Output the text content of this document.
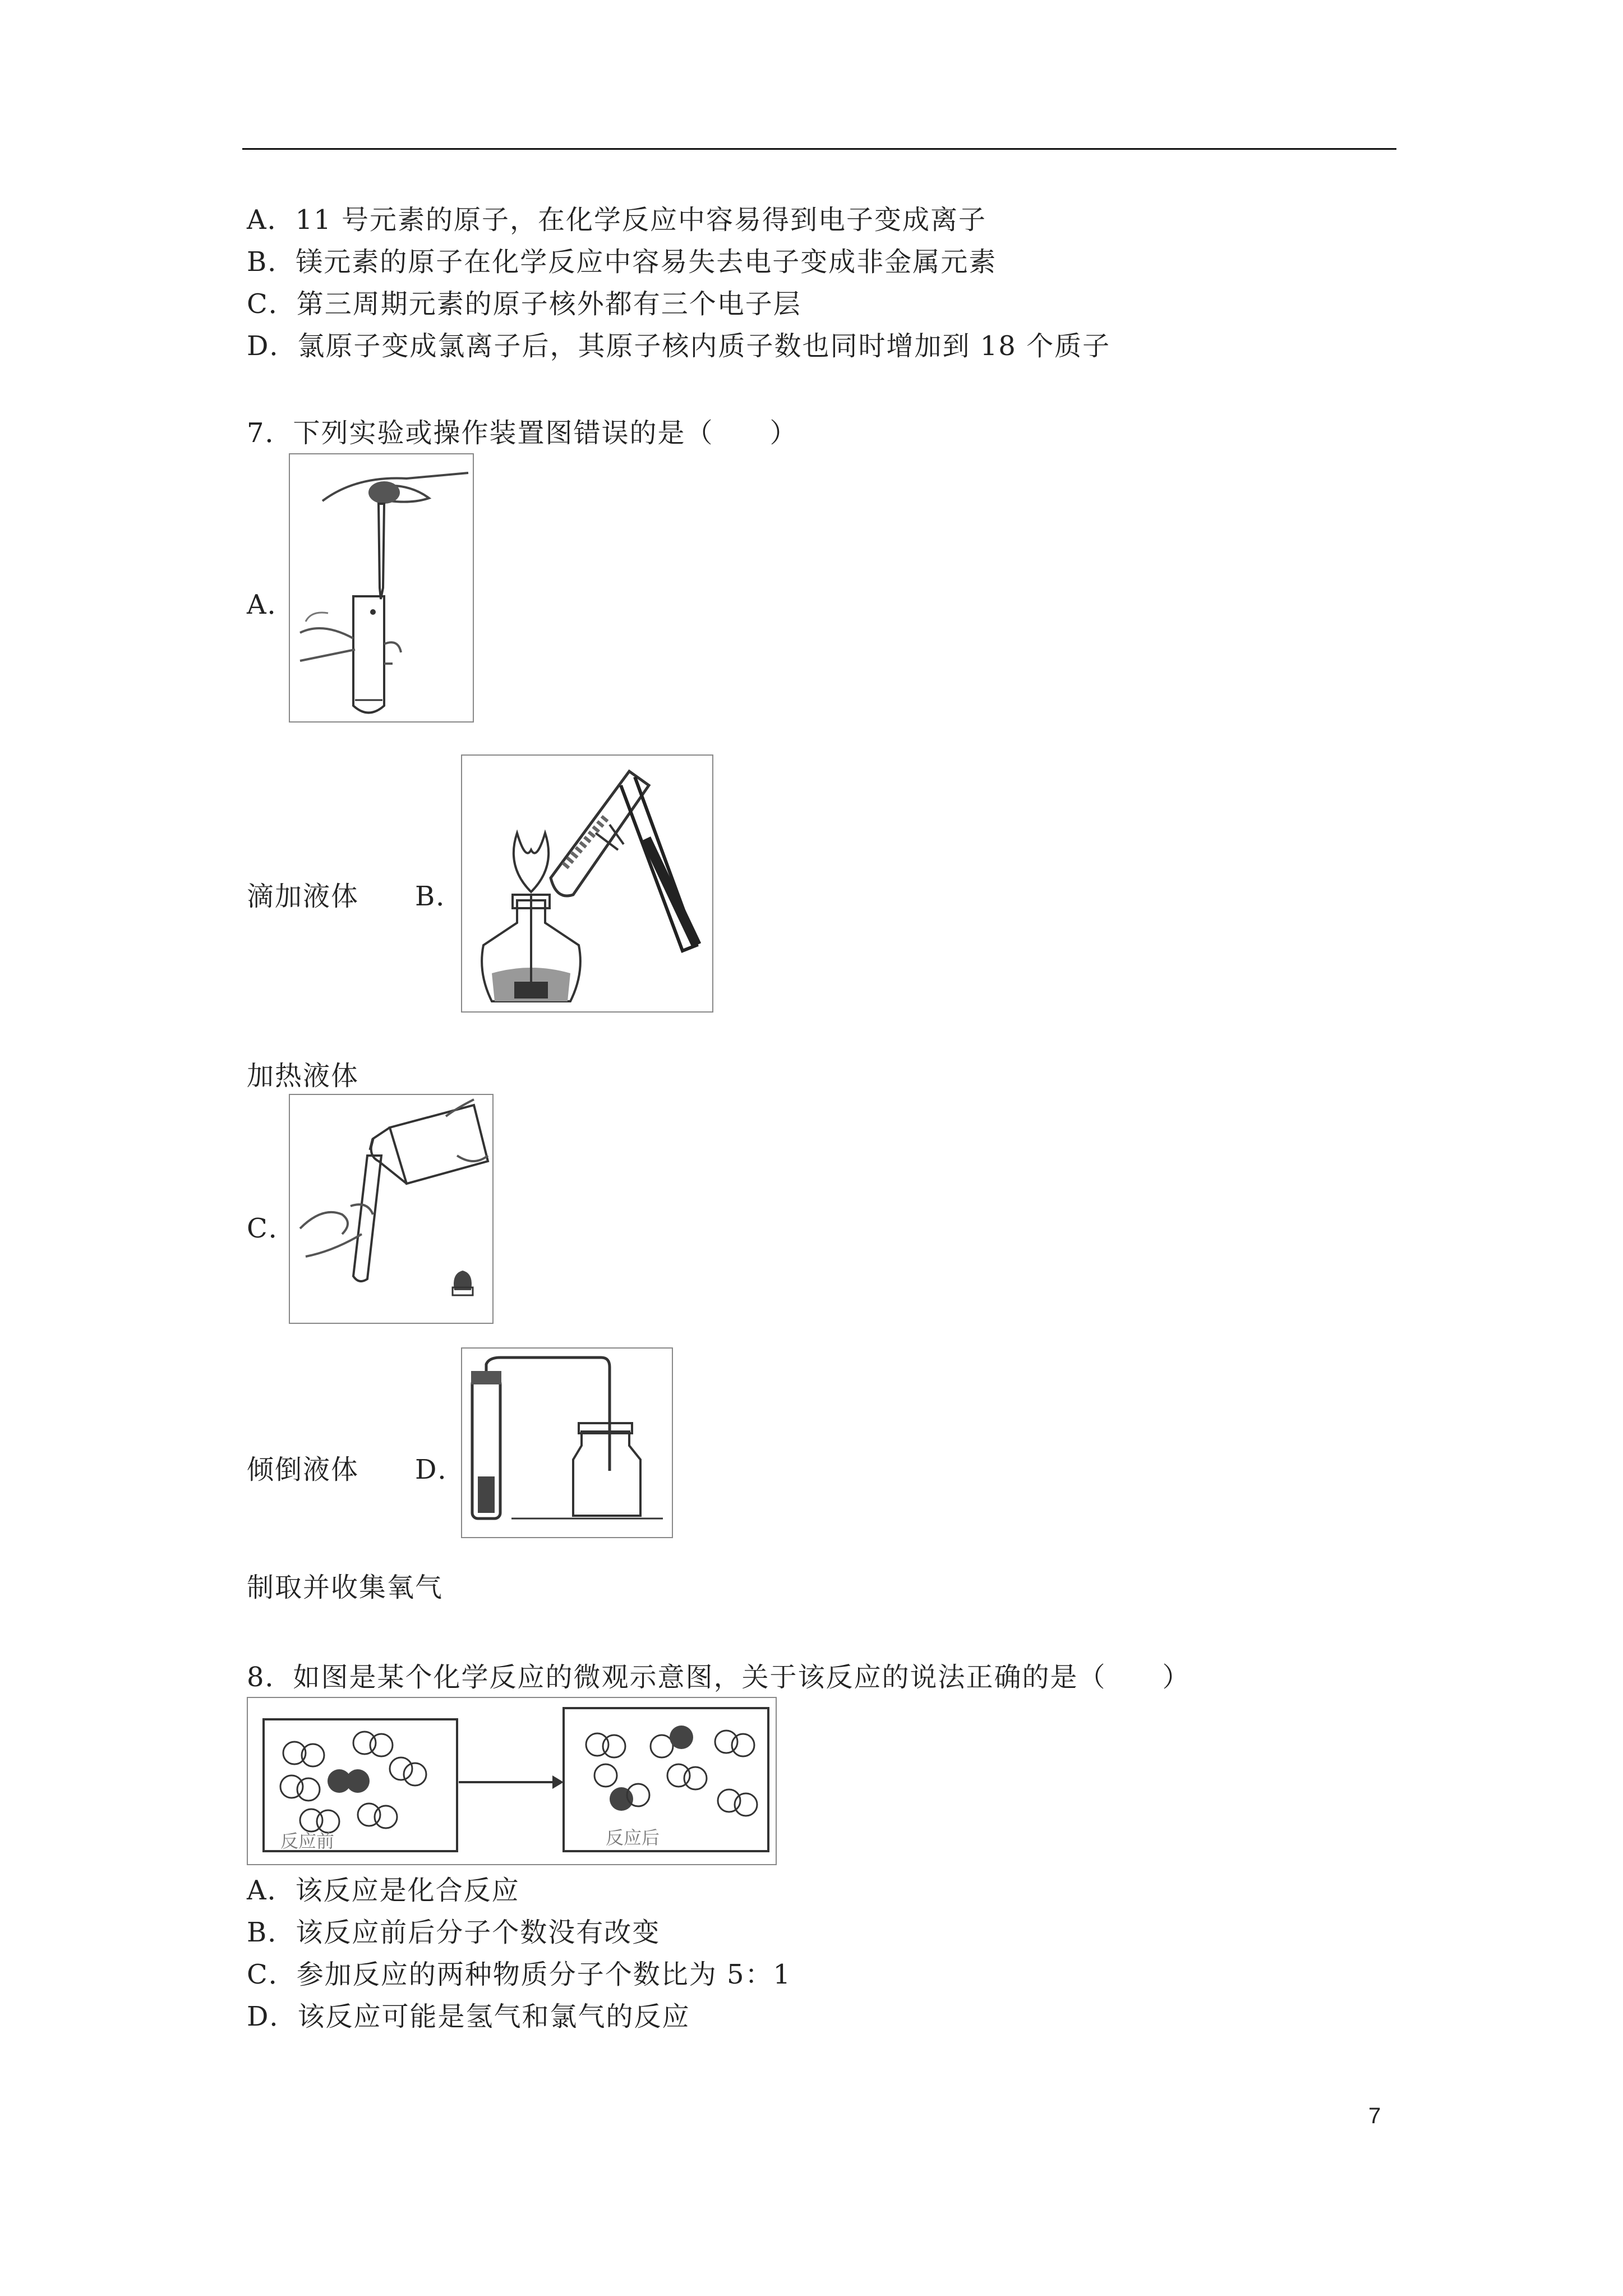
A．11 号元素的原子，在化学反应中容易得到电子变成离子
B．镁元素的原子在化学反应中容易失去电子变成非金属元素
C．第三周期元素的原子核外都有三个电子层
D．氯原子变成氯离子后，其原子核内质子数也同时增加到 18 个质子
7．下列实验或操作装置图错误的是（　　）
A．
滴加液体 B．
加热液体
C．
倾倒液体 D．
制取并收集氧气
8．如图是某个化学反应的微观示意图，关于该反应的说法正确的是（　　）
反应前	反应后
A．该反应是化合反应
B．该反应前后分子个数没有改变
C．参加反应的两种物质分子个数比为 5：1
D．该反应可能是氢气和氯气的反应
7
